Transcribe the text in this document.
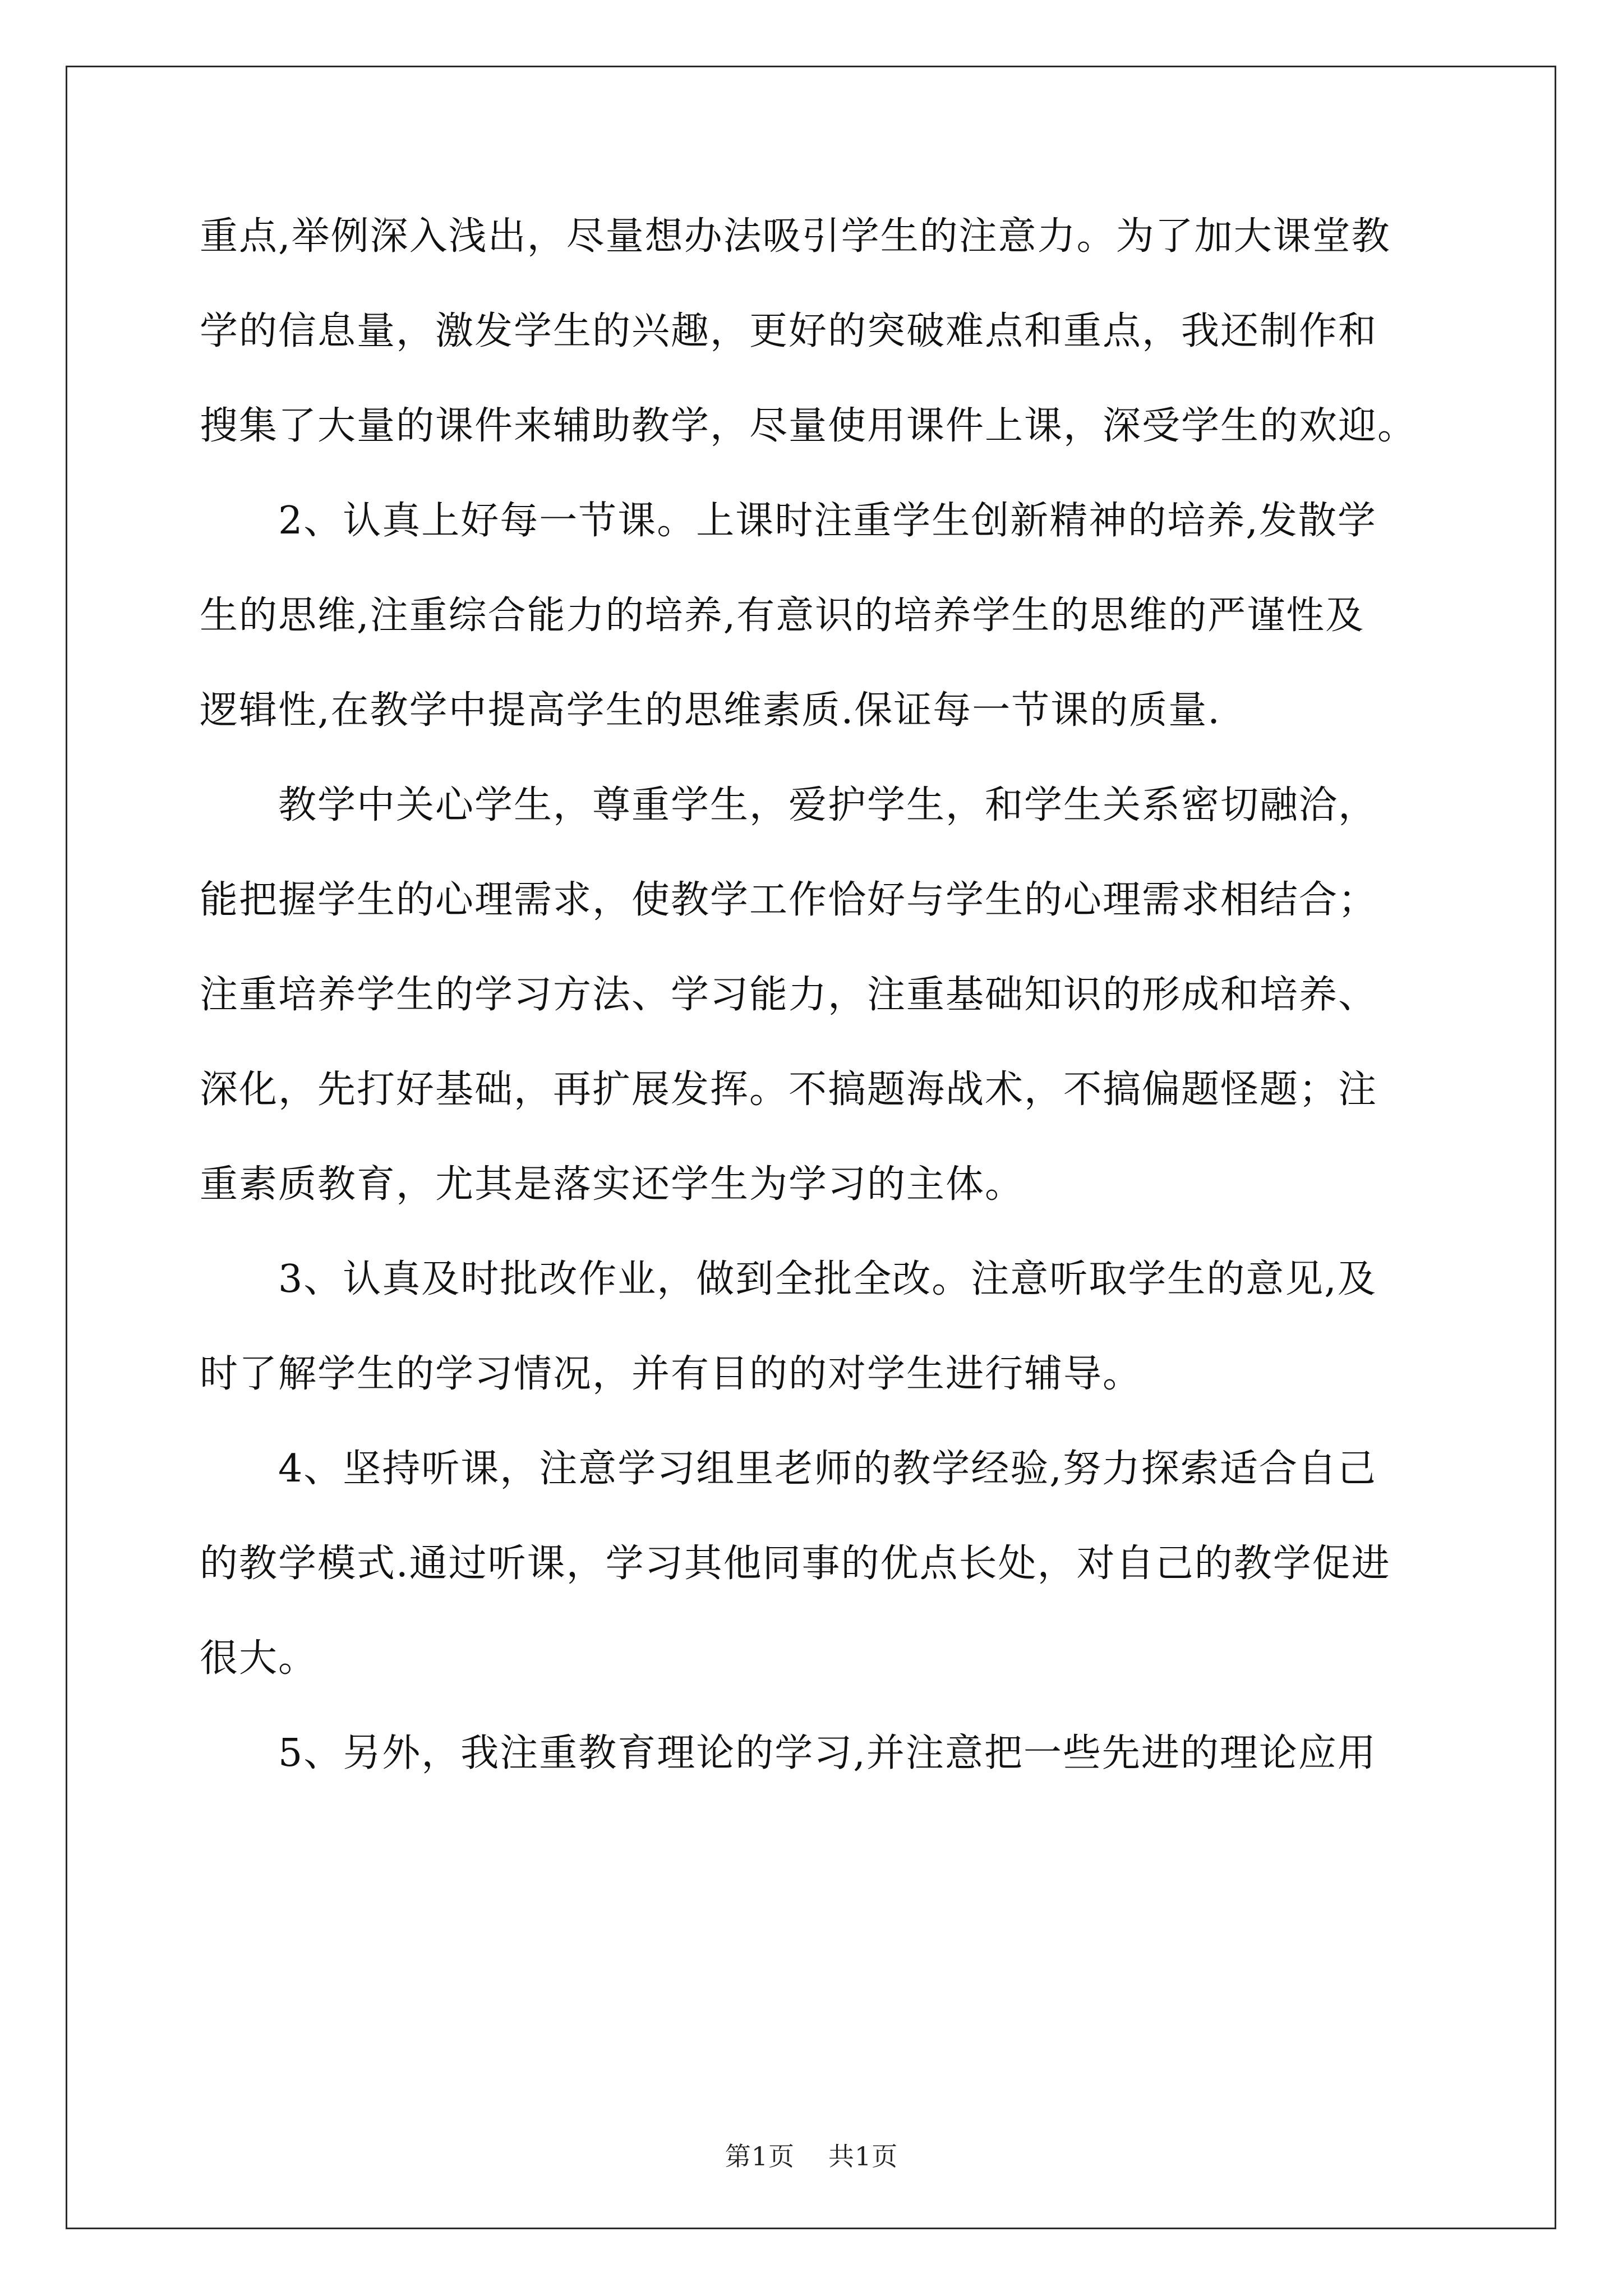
重点,举例深入浅出，尽量想办法吸引学生的注意力。为了加大课堂教
学的信息量，激发学生的兴趣，更好的突破难点和重点，我还制作和
搜集了大量的课件来辅助教学，尽量使用课件上课，深受学生的欢迎。
2、认真上好每一节课。上课时注重学生创新精神的培养,发散学
生的思维,注重综合能力的培养,有意识的培养学生的思维的严谨性及
逻辑性,在教学中提高学生的思维素质.保证每一节课的质量.
教学中关心学生，尊重学生，爱护学生，和学生关系密切融洽，
能把握学生的心理需求，使教学工作恰好与学生的心理需求相结合；
注重培养学生的学习方法、学习能力，注重基础知识的形成和培养、
深化，先打好基础，再扩展发挥。不搞题海战术，不搞偏题怪题；注
重素质教育，尤其是落实还学生为学习的主体。
3、认真及时批改作业，做到全批全改。注意听取学生的意见,及
时了解学生的学习情况，并有目的的对学生进行辅导。
4、坚持听课，注意学习组里老师的教学经验,努力探索适合自己
的教学模式.通过听课，学习其他同事的优点长处，对自己的教学促进
很大。
5、另外，我注重教育理论的学习,并注意把一些先进的理论应用
第1页 共1页
